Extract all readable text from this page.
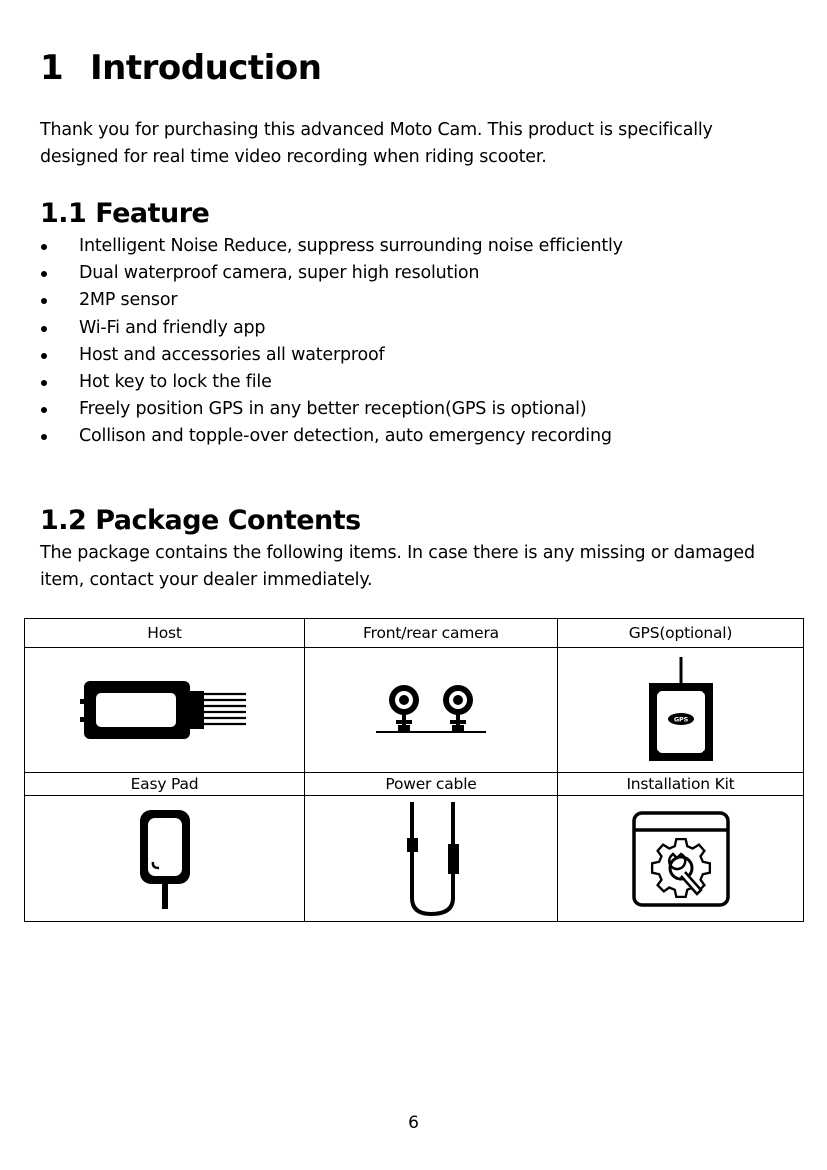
1 Introduction

Thank you for purchasing this advanced Moto Cam. This product is specifically designed for real time video recording when riding scooter.

1.1 Feature
Intelligent Noise Reduce, suppress surrounding noise efficiently
Dual waterproof camera, super high resolution
2MP sensor
Wi-Fi and friendly app
Host and accessories all waterproof
Hot key to lock the file
Freely position GPS in any better reception(GPS is optional)
Collison and topple-over detection, auto emergency recording
1.2 Package Contents

The package contains the following items. In case there is any missing or damaged item, contact your dealer immediately.

Host	Front/rear camera	GPS(optional)

GPS

Easy Pad	Power cable	Installation Kit

6
